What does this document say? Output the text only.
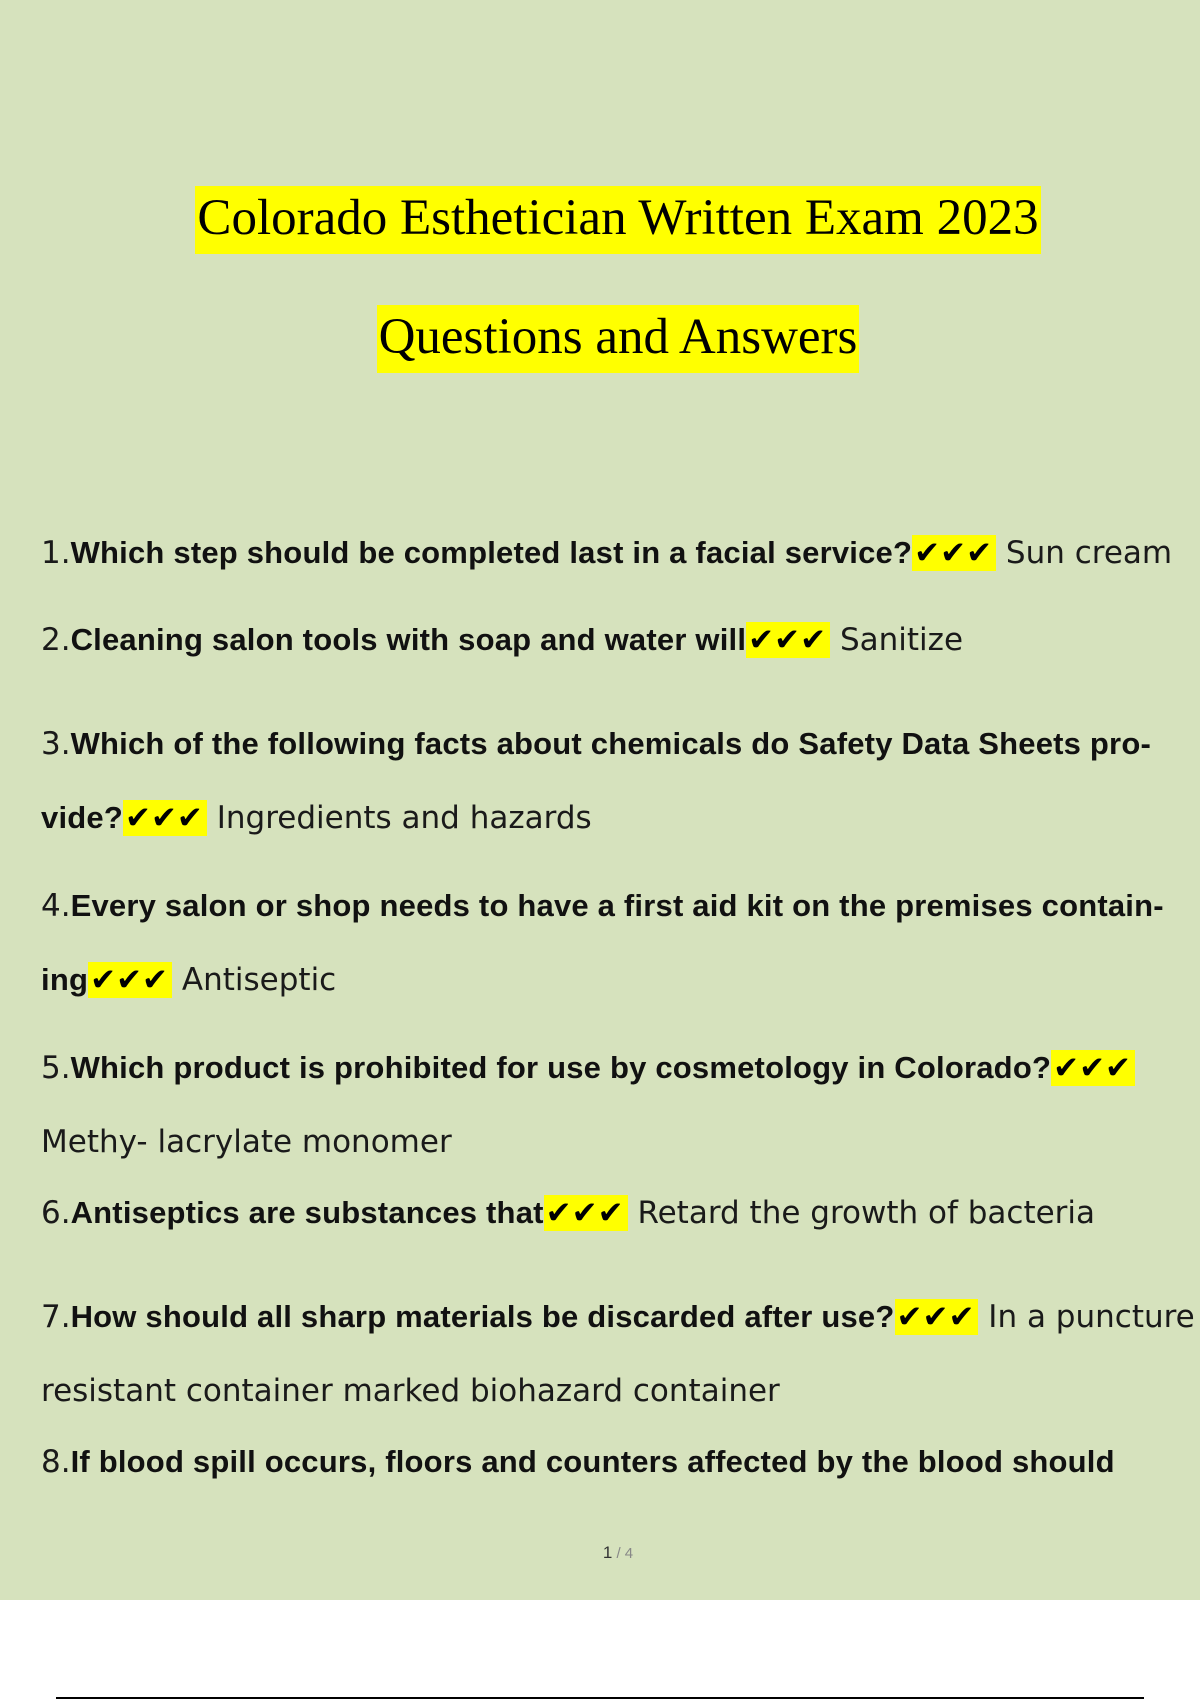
Colorado Esthetician Written Exam 2023
Questions and Answers
1.Which step should be completed last in a facial service?✔✔✔ Sun cream
2.Cleaning salon tools with soap and water will✔✔✔ Sanitize
3.Which of the following facts about chemicals do Safety Data Sheets pro- vide?✔✔✔ Ingredients and hazards
4.Every salon or shop needs to have a first aid kit on the premises contain- ing✔✔✔ Antiseptic
5.Which product is prohibited for use by cosmetology in Colorado?✔✔✔ Methy- lacrylate monomer
6.Antiseptics are substances that✔✔✔ Retard the growth of bacteria
7.How should all sharp materials be discarded after use?✔✔✔ In a puncture resistant container marked biohazard container
8.If blood spill occurs, floors and counters affected by the blood should
1 / 4
